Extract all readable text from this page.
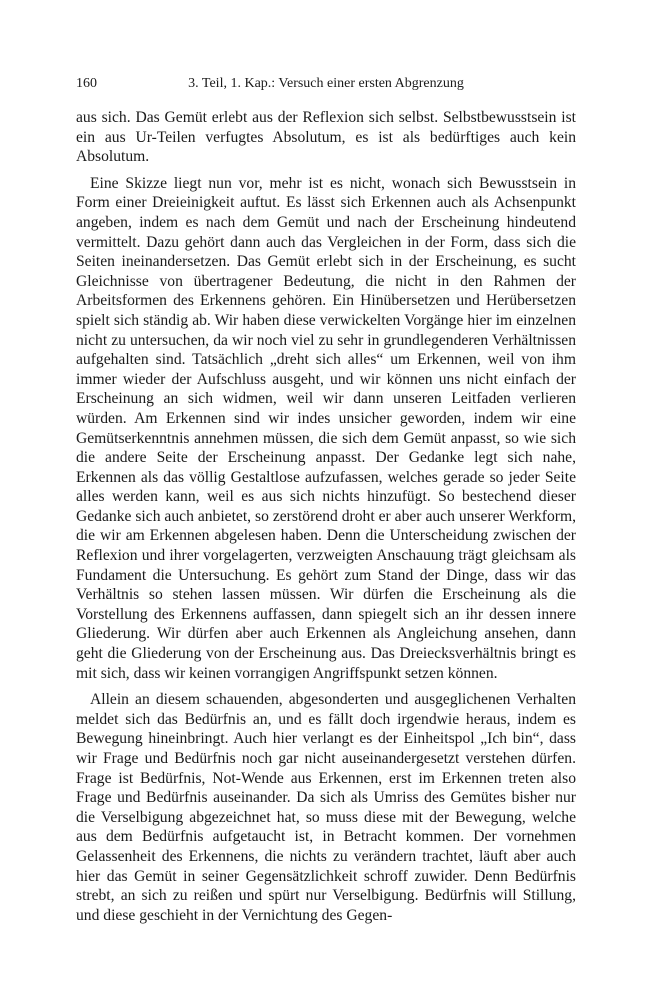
160	3. Teil, 1. Kap.: Versuch einer ersten Abgrenzung

aus sich. Das Gemüt erlebt aus der Reflexion sich selbst. Selbstbewusstsein ist ein aus Ur-Teilen verfugtes Absolutum, es ist als bedürftiges auch kein Absolutum.

Eine Skizze liegt nun vor, mehr ist es nicht, wonach sich Bewusstsein in Form einer Dreieinigkeit auftut. Es lässt sich Erkennen auch als Achsenpunkt angeben, indem es nach dem Gemüt und nach der Erscheinung hindeutend vermittelt. Dazu gehört dann auch das Vergleichen in der Form, dass sich die Seiten ineinandersetzen. Das Gemüt erlebt sich in der Erscheinung, es sucht Gleichnisse von übertragener Bedeutung, die nicht in den Rahmen der Arbeitsformen des Erkennens gehören. Ein Hinübersetzen und Herübersetzen spielt sich ständig ab. Wir haben diese verwickelten Vorgänge hier im einzelnen nicht zu untersuchen, da wir noch viel zu sehr in grundlegenderen Verhältnissen aufgehalten sind. Tatsächlich „dreht sich alles“ um Erkennen, weil von ihm immer wieder der Aufschluss ausgeht, und wir können uns nicht einfach der Erscheinung an sich widmen, weil wir dann unseren Leitfaden verlieren würden. Am Erkennen sind wir indes unsicher geworden, indem wir eine Gemütserkenntnis annehmen müssen, die sich dem Gemüt anpasst, so wie sich die andere Seite der Erscheinung anpasst. Der Gedanke legt sich nahe, Erkennen als das völlig Gestaltlose aufzufassen, welches gerade so jeder Seite alles werden kann, weil es aus sich nichts hinzufügt. So bestechend dieser Gedanke sich auch anbietet, so zerstörend droht er aber auch unserer Werkform, die wir am Erkennen abgelesen haben. Denn die Unterscheidung zwischen der Reflexion und ihrer vorgelagerten, verzweigten Anschauung trägt gleichsam als Fundament die Untersuchung. Es gehört zum Stand der Dinge, dass wir das Verhältnis so stehen lassen müssen. Wir dürfen die Erscheinung als die Vorstellung des Erkennens auffassen, dann spiegelt sich an ihr dessen innere Gliederung. Wir dürfen aber auch Erkennen als Angleichung ansehen, dann geht die Gliederung von der Erscheinung aus. Das Dreiecksverhältnis bringt es mit sich, dass wir keinen vorrangigen Angriffspunkt setzen können.

Allein an diesem schauenden, abgesonderten und ausgeglichenen Verhalten meldet sich das Bedürfnis an, und es fällt doch irgendwie heraus, indem es Bewegung hineinbringt. Auch hier verlangt es der Einheitspol „Ich bin“, dass wir Frage und Bedürfnis noch gar nicht auseinandergesetzt verstehen dürfen. Frage ist Bedürfnis, Not-Wende aus Erkennen, erst im Erkennen treten also Frage und Bedürfnis auseinander. Da sich als Umriss des Gemütes bisher nur die Verselbigung abgezeichnet hat, so muss diese mit der Bewegung, welche aus dem Bedürfnis aufgetaucht ist, in Betracht kommen. Der vornehmen Gelassenheit des Erkennens, die nichts zu verändern trachtet, läuft aber auch hier das Gemüt in seiner Gegensätzlichkeit schroff zuwider. Denn Bedürfnis strebt, an sich zu reißen und spürt nur Verselbigung. Bedürfnis will Stillung, und diese geschieht in der Vernichtung des Gegen-
